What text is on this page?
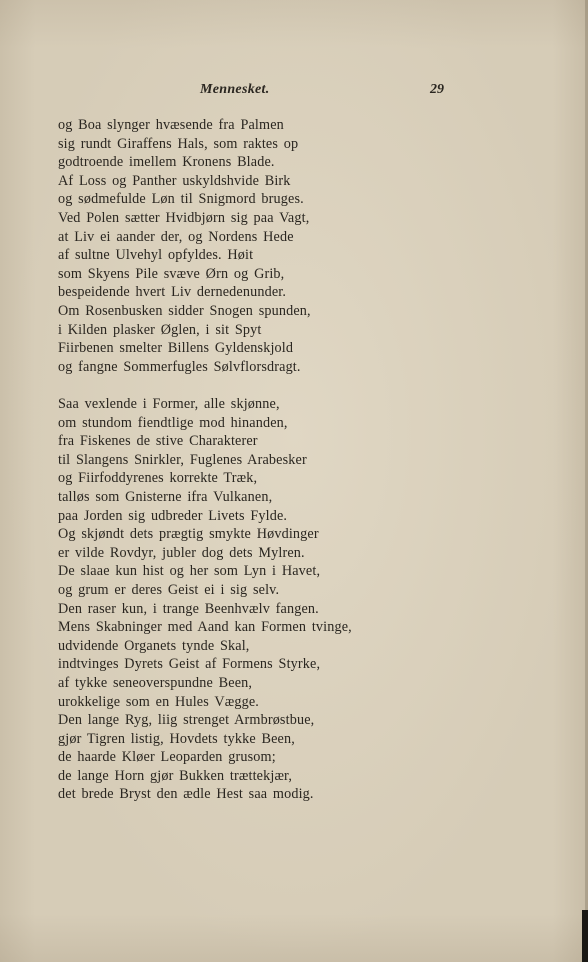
Mennesket.	29
og Boa slynger hvæsende fra Palmen
sig rundt Giraffens Hals, som raktes op
godtroende imellem Kronens Blade.
Af Loss og Panther uskyldshvide Birk
og sødmefulde Løn til Snigmord bruges.
Ved Polen sætter Hvidbjørn sig paa Vagt,
at Liv ei aander der, og Nordens Hede
af sultne Ulvehyl opfyldes. Høit
som Skyens Pile svæve Ørn og Grib,
bespeidende hvert Liv dernedenunder.
Om Rosenbusken sidder Snogen spunden,
i Kilden plasker Øglen, i sit Spyt
Fiirbenen smelter Billens Gyldenskjold
og fangne Sommerfugles Sølvflorsdragt.
Saa vexlende i Former, alle skjønne,
om stundom fiendtlige mod hinanden,
fra Fiskenes de stive Charakterer
til Slangens Snirkler, Fuglenes Arabesker
og Fiirfoddyrenes korrekte Træk,
talløs som Gnisterne ifra Vulkanen,
paa Jorden sig udbreder Livets Fylde.
Og skjøndt dets prægtig smykte Høvdinger
er vilde Rovdyr, jubler dog dets Mylren.
De slaae kun hist og her som Lyn i Havet,
og grum er deres Geist ei i sig selv.
Den raser kun, i trange Beenhvælv fangen.
Mens Skabninger med Aand kan Formen tvinge,
udvidende Organets tynde Skal,
indtvinges Dyrets Geist af Formens Styrke,
af tykke seneoverspundne Been,
urokkelige som en Hules Vægge.
Den lange Ryg, liig strenget Armbrøstbue,
gjør Tigren listig, Hovdets tykke Been,
de haarde Kløer Leoparden grusom;
de lange Horn gjør Bukken trættekjær,
det brede Bryst den ædle Hest saa modig.
